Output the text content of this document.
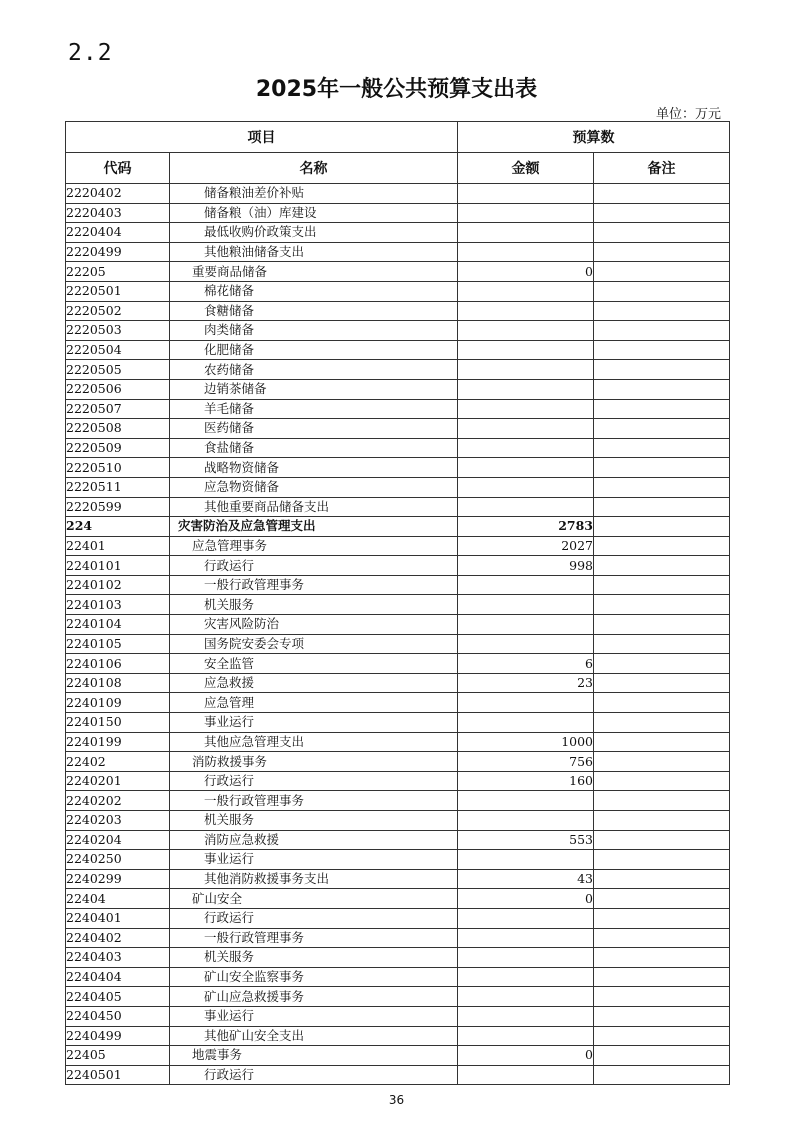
2.2
2025年一般公共预算支出表
单位：万元
项目		预算数	
代码	名称	金额	备注
2220402	储备粮油差价补贴		
2220403	储备粮（油）库建设		
2220404	最低收购价政策支出		
2220499	其他粮油储备支出		
22205	重要商品储备	0	
2220501	棉花储备		
2220502	食糖储备		
2220503	肉类储备		
2220504	化肥储备		
2220505	农药储备		
2220506	边销茶储备		
2220507	羊毛储备		
2220508	医药储备		
2220509	食盐储备		
2220510	战略物资储备		
2220511	应急物资储备		
2220599	其他重要商品储备支出		
224	灾害防治及应急管理支出	2783	
22401	应急管理事务	2027	
2240101	行政运行	998	
2240102	一般行政管理事务		
2240103	机关服务		
2240104	灾害风险防治		
2240105	国务院安委会专项		
2240106	安全监管	6	
2240108	应急救援	23	
2240109	应急管理		
2240150	事业运行		
2240199	其他应急管理支出	1000	
22402	消防救援事务	756	
2240201	行政运行	160	
2240202	一般行政管理事务		
2240203	机关服务		
2240204	消防应急救援	553	
2240250	事业运行		
2240299	其他消防救援事务支出	43	
22404	矿山安全	0	
2240401	行政运行		
2240402	一般行政管理事务		
2240403	机关服务		
2240404	矿山安全监察事务		
2240405	矿山应急救援事务		
2240450	事业运行		
2240499	其他矿山安全支出		
22405	地震事务	0	
2240501	行政运行		
36
